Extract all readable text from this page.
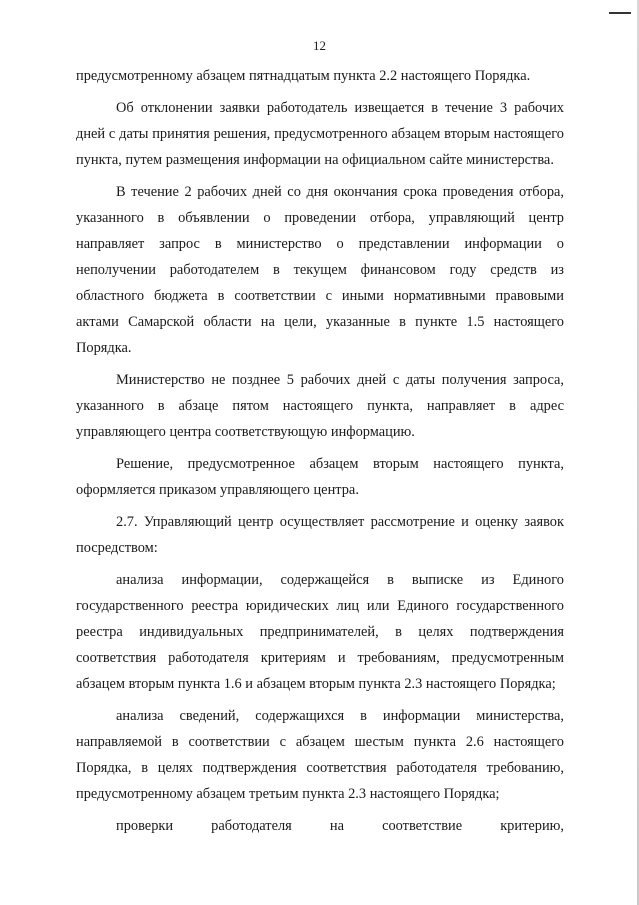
12

предусмотренному абзацем пятнадцатым пункта 2.2 настоящего Порядка.

Об отклонении заявки работодатель извещается в течение 3 рабочих дней с даты принятия решения, предусмотренного абзацем вторым настоящего пункта, путем размещения информации на официальном сайте министерства.

В течение 2 рабочих дней со дня окончания срока проведения отбора, указанного в объявлении о проведении отбора, управляющий центр направляет запрос в министерство о представлении информации о неполучении работодателем в текущем финансовом году средств из областного бюджета в соответствии с иными нормативными правовыми актами Самарской области на цели, указанные в пункте 1.5 настоящего Порядка.

Министерство не позднее 5 рабочих дней с даты получения запроса, указанного в абзаце пятом настоящего пункта, направляет в адрес управляющего центра соответствующую информацию.

Решение, предусмотренное абзацем вторым настоящего пункта, оформляется приказом управляющего центра.

2.7. Управляющий центр осуществляет рассмотрение и оценку заявок посредством:

анализа информации, содержащейся в выписке из Единого государственного реестра юридических лиц или Единого государственного реестра индивидуальных предпринимателей, в целях подтверждения соответствия работодателя критериям и требованиям, предусмотренным абзацем вторым пункта 1.6 и абзацем вторым пункта 2.3 настоящего Порядка;

анализа сведений, содержащихся в информации министерства, направляемой в соответствии с абзацем шестым пункта 2.6 настоящего Порядка, в целях подтверждения соответствия работодателя требованию, предусмотренному абзацем третьим пункта 2.3 настоящего Порядка;

проверки работодателя на соответствие критерию,
